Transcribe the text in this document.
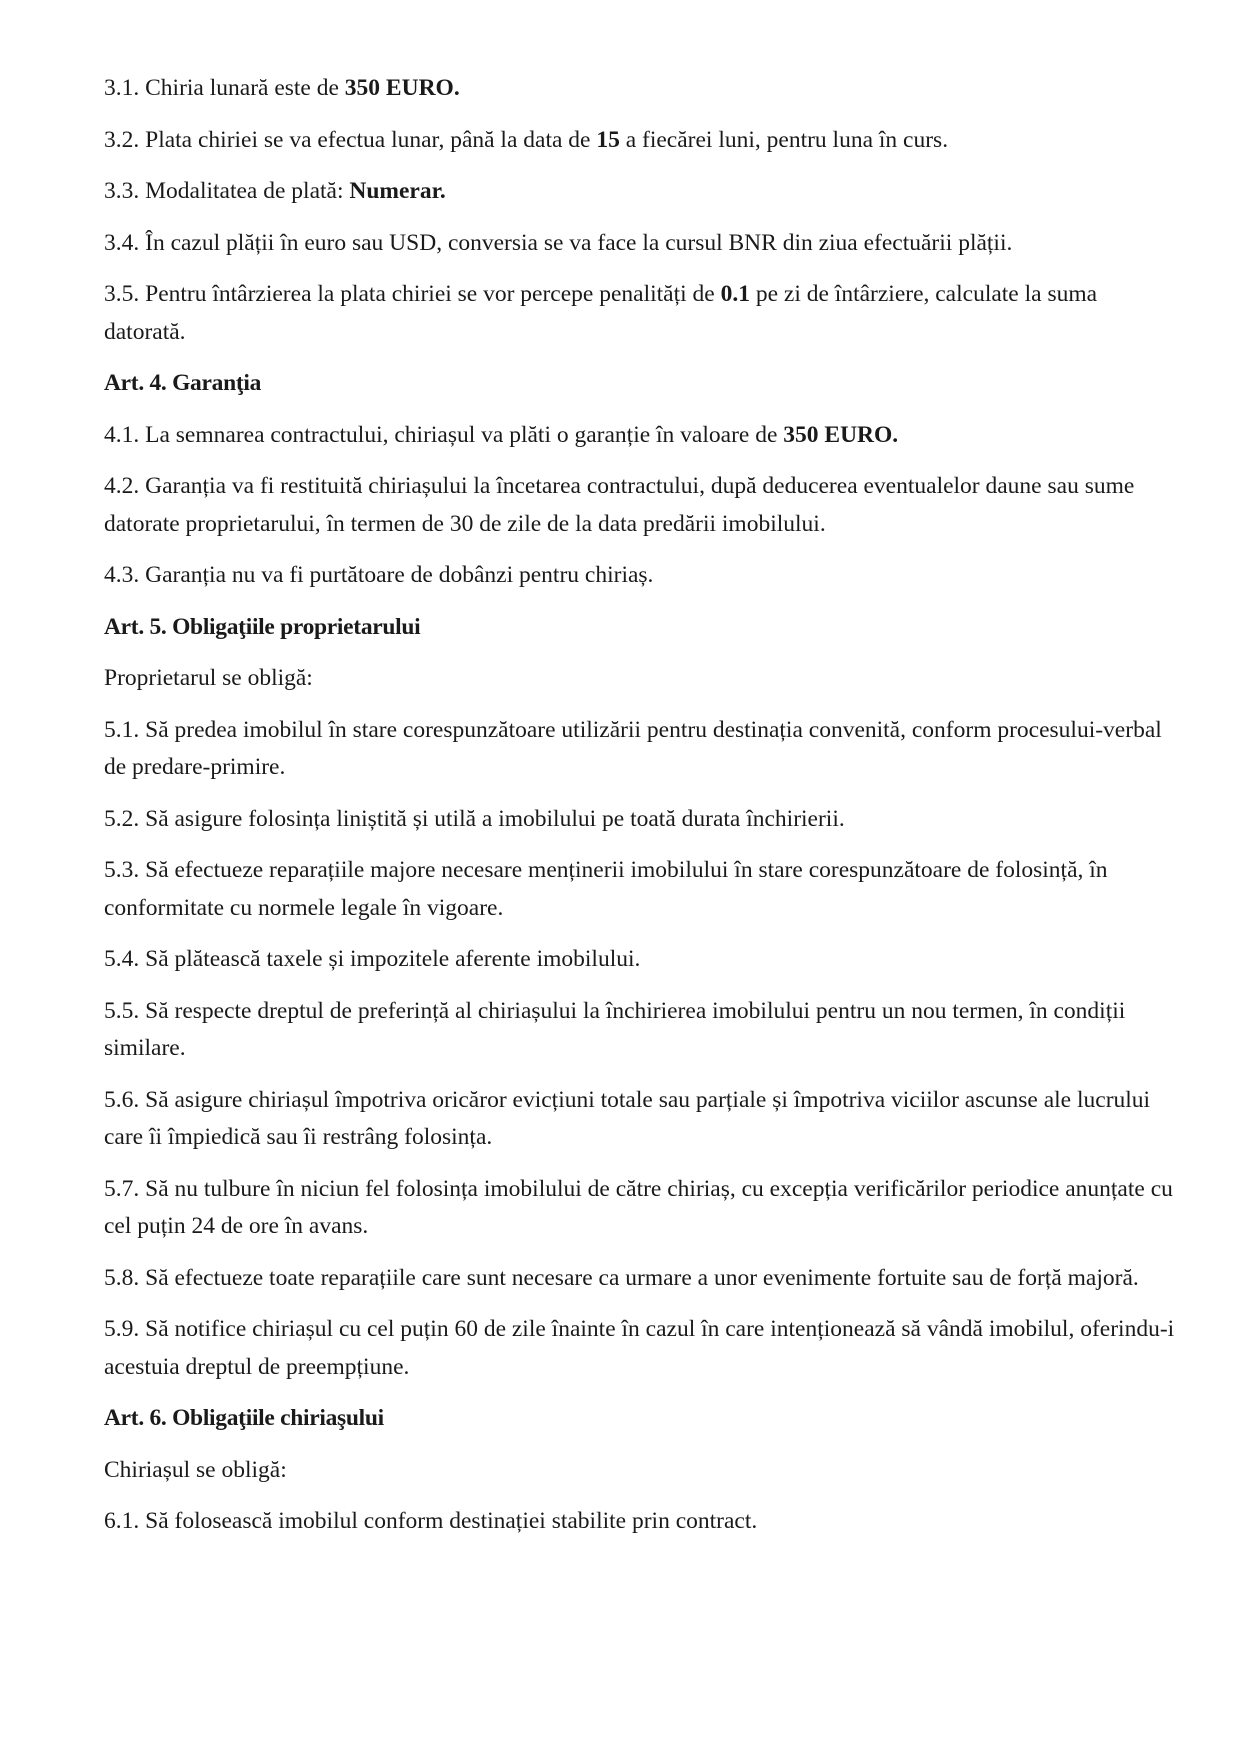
3.1. Chiria lunară este de 350 EURO.

3.2. Plata chiriei se va efectua lunar, până la data de 15 a fiecărei luni, pentru luna în curs.

3.3. Modalitatea de plată: Numerar.

3.4. În cazul plății în euro sau USD, conversia se va face la cursul BNR din ziua efectuării plății.

3.5. Pentru întârzierea la plata chiriei se vor percepe penalități de 0.1 pe zi de întârziere, calculate la suma datorată.

Art. 4. Garanţia

4.1. La semnarea contractului, chiriașul va plăti o garanție în valoare de 350 EURO.

4.2. Garanția va fi restituită chiriașului la încetarea contractului, după deducerea eventualelor daune sau sume datorate proprietarului, în termen de 30 de zile de la data predării imobilului.

4.3. Garanția nu va fi purtătoare de dobânzi pentru chiriaș.

Art. 5. Obligaţiile proprietarului

Proprietarul se obligă:

5.1. Să predea imobilul în stare corespunzătoare utilizării pentru destinația convenită, conform procesului-verbal de predare-primire.

5.2. Să asigure folosința liniștită și utilă a imobilului pe toată durata închirierii.

5.3. Să efectueze reparațiile majore necesare menținerii imobilului în stare corespunzătoare de folosință, în conformitate cu normele legale în vigoare.

5.4. Să plătească taxele și impozitele aferente imobilului.

5.5. Să respecte dreptul de preferință al chiriașului la închirierea imobilului pentru un nou termen, în condiții similare.

5.6. Să asigure chiriașul împotriva oricăror evicțiuni totale sau parțiale și împotriva viciilor ascunse ale lucrului care îi împiedică sau îi restrâng folosința.

5.7. Să nu tulbure în niciun fel folosința imobilului de către chiriaș, cu excepția verificărilor periodice anunțate cu cel puțin 24 de ore în avans.

5.8. Să efectueze toate reparațiile care sunt necesare ca urmare a unor evenimente fortuite sau de forță majoră.

5.9. Să notifice chiriașul cu cel puțin 60 de zile înainte în cazul în care intenționează să vândă imobilul, oferindu-i acestuia dreptul de preempțiune.

Art. 6. Obligaţiile chiriaşului

Chiriașul se obligă:

6.1. Să folosească imobilul conform destinației stabilite prin contract.
